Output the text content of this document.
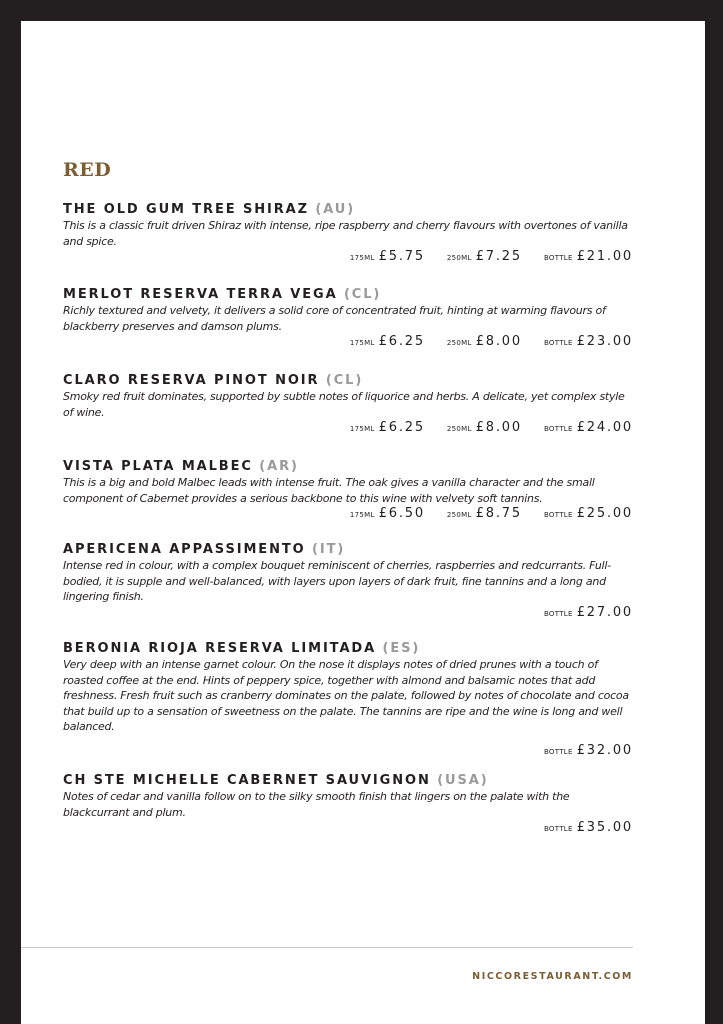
RED
THE OLD GUM TREE SHIRAZ (AU)

This is a classic fruit driven Shiraz with intense, ripe raspberry and cherry flavours with overtones of vanilla and spice.

175ML £5.75	250ML £7.25	BOTTLE £21.00
MERLOT RESERVA TERRA VEGA (CL)

Richly textured and velvety, it delivers a solid core of concentrated fruit, hinting at warming flavours of blackberry preserves and damson plums.

175ML £6.25	250ML £8.00	BOTTLE £23.00
CLARO RESERVA PINOT NOIR (CL)

Smoky red fruit dominates, supported by subtle notes of liquorice and herbs. A delicate, yet complex style of wine.

175ML £6.25	250ML £8.00	BOTTLE £24.00
VISTA PLATA MALBEC (AR)

This is a big and bold Malbec leads with intense fruit. The oak gives a vanilla character and the small component of Cabernet provides a serious backbone to this wine with velvety soft tannins.

175ML £6.50	250ML £8.75	BOTTLE £25.00
APERICENA APPASSIMENTO (IT)

Intense red in colour, with a complex bouquet reminiscent of cherries, raspberries and redcurrants. Full-bodied, it is supple and well-balanced, with layers upon layers of dark fruit, fine tannins and a long and lingering finish.

BOTTLE £27.00
BERONIA RIOJA RESERVA LIMITADA (ES)

Very deep with an intense garnet colour. On the nose it displays notes of dried prunes with a touch of roasted coffee at the end. Hints of peppery spice, together with almond and balsamic notes that add freshness. Fresh fruit such as cranberry dominates on the palate, followed by notes of chocolate and cocoa that build up to a sensation of sweetness on the palate. The tannins are ripe and the wine is long and well balanced.

BOTTLE £32.00
CH STE MICHELLE CABERNET SAUVIGNON (USA)

Notes of cedar and vanilla follow on to the silky smooth finish that lingers on the palate with the blackcurrant and plum.

BOTTLE £35.00
NICCORESTAURANT.COM
